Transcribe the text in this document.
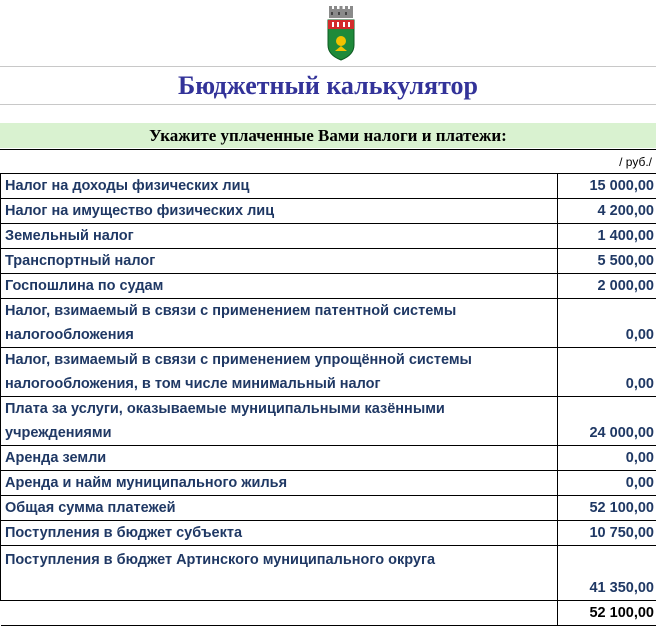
Бюджетный калькулятор
Укажите уплаченные Вами налоги и платежи:
/ руб./
Налог на доходы физических лиц	15 000,00
Налог на имущество физических лиц	4 200,00
Земельный налог	1 400,00
Транспортный налог	5 500,00
Госпошлина по судам	2 000,00
Налог, взимаемый в связи с применением патентной системы налогообложения	0,00
Налог, взимаемый в связи с применением упрощённой системы налогообложения, в том числе минимальный налог	0,00
Плата за услуги, оказываемые муниципальными казёнными учреждениями	24 000,00
Аренда земли	0,00
Аренда и найм муниципального жилья	0,00
Общая сумма платежей	52 100,00
Поступления в бюджет субъекта	10 750,00
Поступления в бюджет Артинского муниципального округа	41 350,00
	52 100,00
